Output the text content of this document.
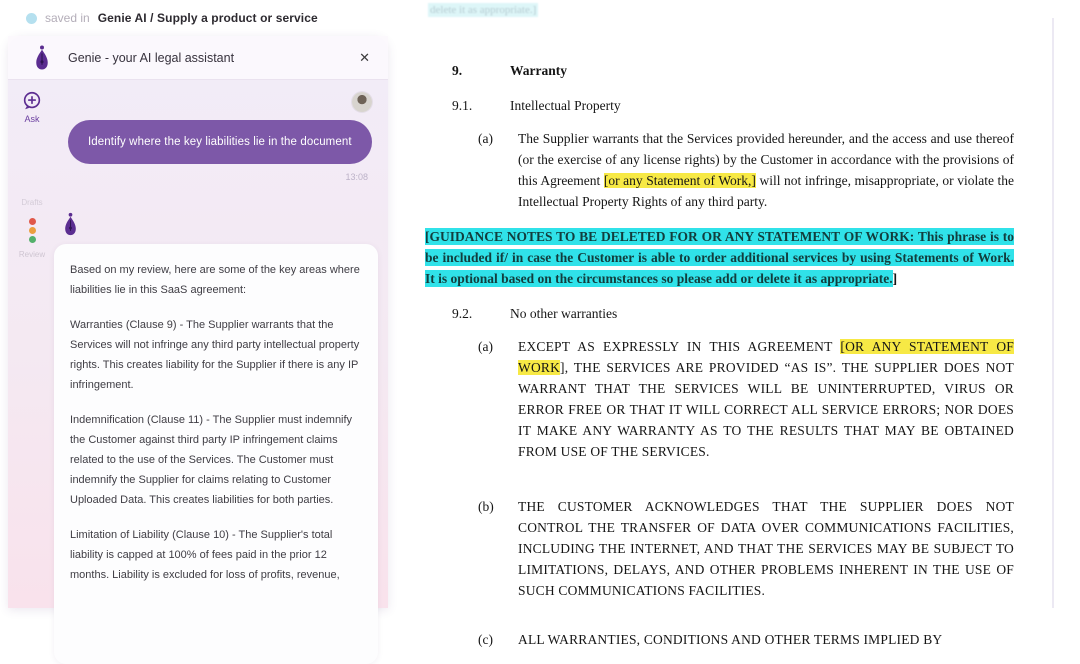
saved in Genie AI / Supply a product or service
Genie - your AI legal assistant	✕
Ask
Drafts
Review
Identify where the key liabilities lie in the document
13:08

Based on my review, here are some of the key areas where liabilities lie in this SaaS agreement:

Warranties (Clause 9) - The Supplier warrants that the Services will not infringe any third party intellectual property rights. This creates liability for the Supplier if there is any IP infringement.

Indemnification (Clause 11) - The Supplier must indemnify the Customer against third party IP infringement claims related to the use of the Services. The Customer must indemnify the Supplier for claims relating to Customer Uploaded Data. This creates liabilities for both parties.

Limitation of Liability (Clause 10) - The Supplier's total liability is capped at 100% of fees paid in the prior 12 months. Liability is excluded for loss of profits, revenue,

delete it as appropriate.]
9.	Warranty
9.1.	Intellectual Property
(a)	The Supplier warrants that the Services provided hereunder, and the access and use thereof (or the exercise of any license rights) by the Customer in accordance with the provisions of this Agreement [or any Statement of Work,] will not infringe, misappropriate, or violate the Intellectual Property Rights of any third party.
[GUIDANCE NOTES TO BE DELETED FOR OR ANY STATEMENT OF WORK: This phrase is to be included if/ in case the Customer is able to order additional services by using Statements of Work. It is optional based on the circumstances so please add or delete it as appropriate.]
9.2.	No other warranties
(a)	EXCEPT AS EXPRESSLY IN THIS AGREEMENT [OR ANY STATEMENT OF WORK], THE SERVICES ARE PROVIDED “AS IS”. THE SUPPLIER DOES NOT WARRANT THAT THE SERVICES WILL BE UNINTERRUPTED, VIRUS OR ERROR FREE OR THAT IT WILL CORRECT ALL SERVICE ERRORS; NOR DOES IT MAKE ANY WARRANTY AS TO THE RESULTS THAT MAY BE OBTAINED FROM USE OF THE SERVICES.
(b)	THE CUSTOMER ACKNOWLEDGES THAT THE SUPPLIER DOES NOT CONTROL THE TRANSFER OF DATA OVER COMMUNICATIONS FACILITIES, INCLUDING THE INTERNET, AND THAT THE SERVICES MAY BE SUBJECT TO LIMITATIONS, DELAYS, AND OTHER PROBLEMS INHERENT IN THE USE OF SUCH COMMUNICATIONS FACILITIES.
(c)	ALL WARRANTIES, CONDITIONS AND OTHER TERMS IMPLIED BY
